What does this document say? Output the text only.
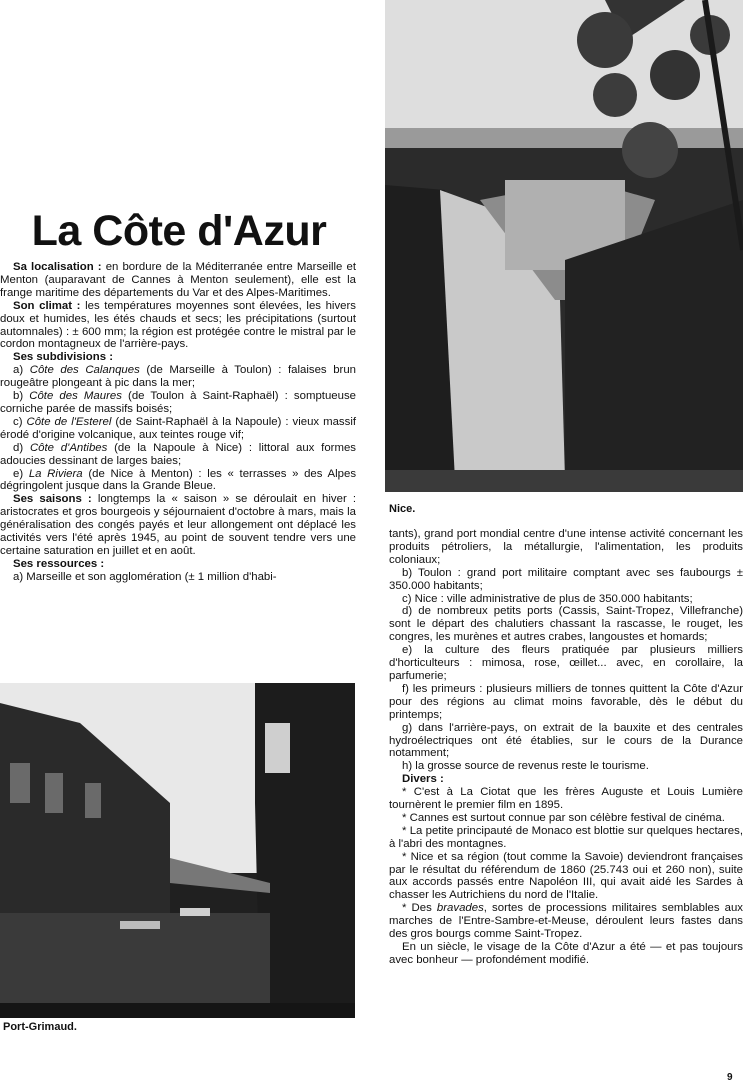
Nice.
Port-Grimaud.
La Côte d'Azur

Sa localisation : en bordure de la Méditerranée entre Marseille et Menton (auparavant de Cannes à Menton seulement), elle est la frange maritime des départements du Var et des Alpes-Maritimes.

Son climat : les températures moyennes sont élevées, les hivers doux et humides, les étés chauds et secs; les précipitations (surtout automnales) : ± 600 mm; la région est protégée contre le mistral par le cordon montagneux de l'arrière-pays.

Ses subdivisions :

a) Côte des Calanques (de Marseille à Toulon) : falaises brun rougeâtre plongeant à pic dans la mer;

b) Côte des Maures (de Toulon à Saint-Raphaël) : somptueuse corniche parée de massifs boisés;

c) Côte de l'Esterel (de Saint-Raphaël à la Napoule) : vieux massif érodé d'origine volcanique, aux teintes rouge vif;

d) Côte d'Antibes (de la Napoule à Nice) : littoral aux formes adoucies dessinant de larges baies;

e) La Riviera (de Nice à Menton) : les « terrasses » des Alpes dégringolent jusque dans la Grande Bleue.

Ses saisons : longtemps la « saison » se déroulait en hiver : aristocrates et gros bourgeois y séjournaient d'octobre à mars, mais la généralisation des congés payés et leur allongement ont déplacé les activités vers l'été après 1945, au point de souvent tendre vers une certaine saturation en juillet et en août.

Ses ressources :

a) Marseille et son agglomération (± 1 million d'habi-

tants), grand port mondial centre d'une intense activité concernant les produits pétroliers, la métallurgie, l'alimentation, les produits coloniaux;

b) Toulon : grand port militaire comptant avec ses faubourgs ± 350.000 habitants;

c) Nice : ville administrative de plus de 350.000 habitants;

d) de nombreux petits ports (Cassis, Saint-Tropez, Villefranche) sont le départ des chalutiers chassant la rascasse, le rouget, les congres, les murènes et autres crabes, langoustes et homards;

e) la culture des fleurs pratiquée par plusieurs milliers d'horticulteurs : mimosa, rose, œillet... avec, en corollaire, la parfumerie;

f) les primeurs : plusieurs milliers de tonnes quittent la Côte d'Azur pour des régions au climat moins favorable, dès le début du printemps;

g) dans l'arrière-pays, on extrait de la bauxite et des centrales hydroélectriques ont été établies, sur le cours de la Durance notamment;

h) la grosse source de revenus reste le tourisme.

Divers :

* C'est à La Ciotat que les frères Auguste et Louis Lumière tournèrent le premier film en 1895.

* Cannes est surtout connue par son célèbre festival de cinéma.

* La petite principauté de Monaco est blottie sur quelques hectares, à l'abri des montagnes.

* Nice et sa région (tout comme la Savoie) deviendront françaises par le résultat du référendum de 1860 (25.743 oui et 260 non), suite aux accords passés entre Napoléon III, qui avait aidé les Sardes à chasser les Autrichiens du nord de l'Italie.

* Des bravades, sortes de processions militaires semblables aux marches de l'Entre-Sambre-et-Meuse, déroulent leurs fastes dans des gros bourgs comme Saint-Tropez.

En un siècle, le visage de la Côte d'Azur a été — et pas toujours avec bonheur — profondément modifié.

9
